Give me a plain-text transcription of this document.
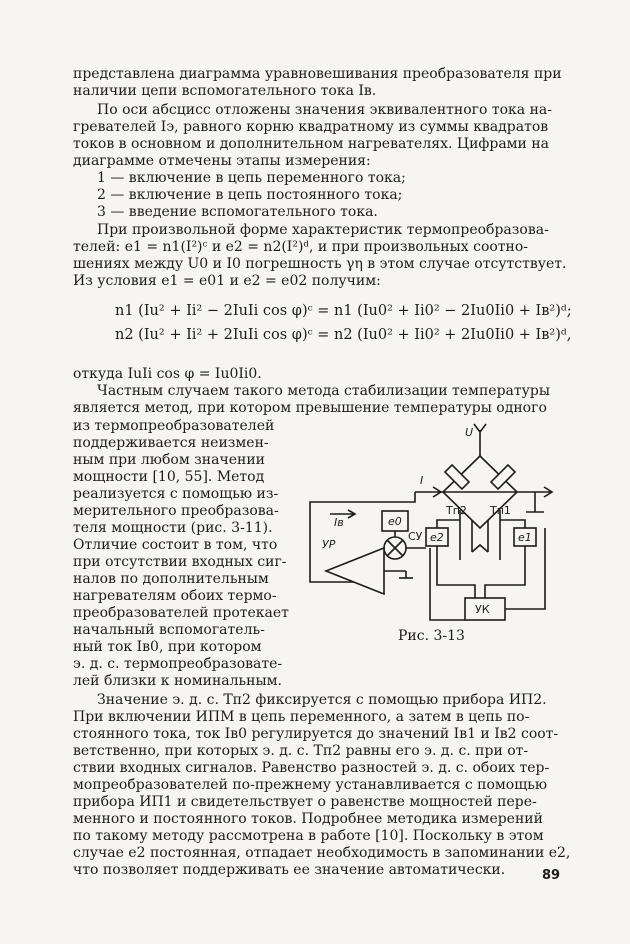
представлена диаграмма уравновешивания преобразователя при
наличии цепи вспомогательного тока Iв.
По оси абсцисс отложены значения эквивалентного тока на-
гревателей Iэ, равного корню квадратному из суммы квадратов
токов в основном и дополнительном нагревателях. Цифрами на
диаграмме отмечены этапы измерения:
1 — включение в цепь переменного тока;
2 — включение в цепь постоянного тока;
3 — введение вспомогательного тока.
При произвольной форме характеристик термопреобразова-
телей: e1 = n1(I²)ᶜ и e2 = n2(I²)ᵈ, и при произвольных соотно-
шениях между U0 и I0 погрешность γη в этом случае отсутствует.
Из условия e1 = e01 и e2 = e02 получим:
n1 (Iu² + Ii² − 2IuIi cos φ)ᶜ = n1 (Iu0² + Ii0² − 2Iu0Ii0 + Iв²)ᵈ;
n2 (Iu² + Ii² + 2IuIi cos φ)ᶜ = n2 (Iu0² + Ii0² + 2Iu0Ii0 + Iв²)ᵈ,
откуда IuIi cos φ = Iu0Ii0.
Частным случаем такого метода стабилизации температуры
является метод, при котором превышение температуры одного
из термопреобразователей
поддерживается неизмен-
ным при любом значении
мощности [10, 55]. Метод
реализуется с помощью из-
мерительного преобразова-
теля мощности (рис. 3-11).
Отличие состоит в том, что
при отсутствии входных сиг-
налов по дополнительным
нагревателям обоих термо-
преобразователей протекает
начальный вспомогатель-
ный ток Iв0, при котором
э. д. с. термопреобразовате-
лей близки к номинальным.
U
I
Тп2 Тп1
Iв	e0
СУ e2	e1
УР
УК
Рис. 3-13
Значение э. д. с. Тп2 фиксируется с помощью прибора ИП2.
При включении ИПМ в цепь переменного, а затем в цепь по-
стоянного тока, ток Iв0 регулируется до значений Iв1 и Iв2 соот-
ветственно, при которых э. д. с. Тп2 равны его э. д. с. при от-
ствии входных сигналов. Равенство разностей э. д. с. обоих тер-
мопреобразователей по-прежнему устанавливается с помощью
прибора ИП1 и свидетельствует о равенстве мощностей пере-
менного и постоянного токов. Подробнее методика измерений
по такому методу рассмотрена в работе [10]. Поскольку в этом
случае e2 постоянная, отпадает необходимость в запоминании e2,
что позволяет поддерживать ее значение автоматически.	89
